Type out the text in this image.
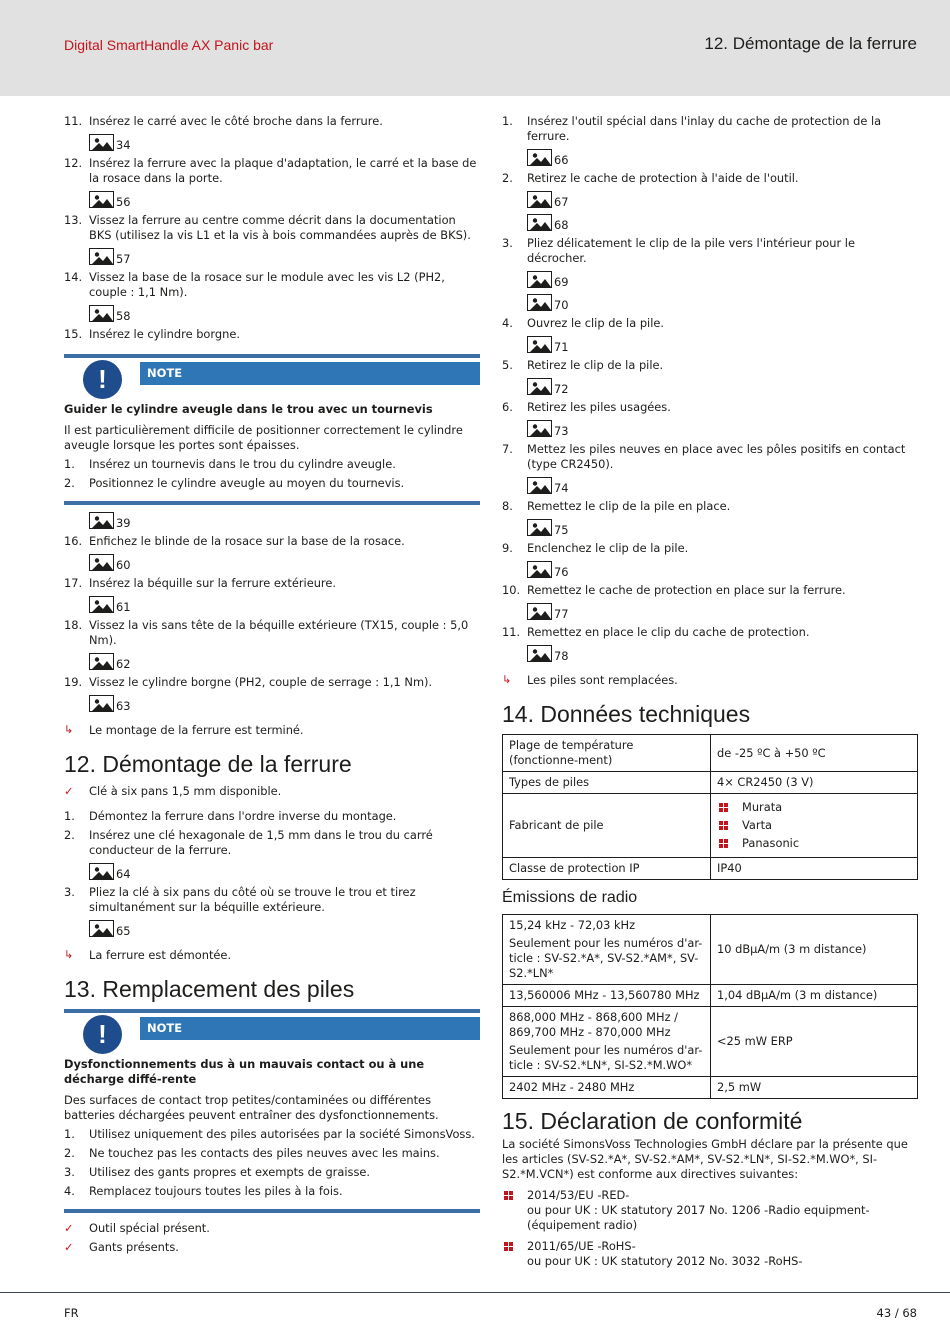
Digital SmartHandle AX Panic bar	12. Démontage de la ferrure
11. Insérez le carré avec le côté broche dans la ferrure.
34
12. Insérez la ferrure avec la plaque d'adaptation, le carré et la base de la rosace dans la porte.
56
13. Vissez la ferrure au centre comme décrit dans la documentation BKS (utilisez la vis L1 et la vis à bois commandées auprès de BKS).
57
14. Vissez la base de la rosace sur le module avec les vis L2 (PH2, couple : 1,1 Nm).
58
15. Insérez le cylindre borgne.
!	NOTE
Guider le cylindre aveugle dans le trou avec un tournevis
Il est particulièrement difficile de positionner correctement le cylindre aveugle lorsque les portes sont épaisses.
1. Insérez un tournevis dans le trou du cylindre aveugle.
2. Positionnez le cylindre aveugle au moyen du tournevis.
39
16. Enfichez le blinde de la rosace sur la base de la rosace.
60
17. Insérez la béquille sur la ferrure extérieure.
61
18. Vissez la vis sans tête de la béquille extérieure (TX15, couple : 5,0 Nm).
62
19. Vissez le cylindre borgne (PH2, couple de serrage : 1,1 Nm).
63
↳ Le montage de la ferrure est terminé.
12. Démontage de la ferrure
✓ Clé à six pans 1,5 mm disponible.
1. Démontez la ferrure dans l'ordre inverse du montage.
2. Insérez une clé hexagonale de 1,5 mm dans le trou du carré conducteur de la ferrure.
64
3. Pliez la clé à six pans du côté où se trouve le trou et tirez simultanément sur la béquille extérieure.
65
↳ La ferrure est démontée.
13. Remplacement des piles
!	NOTE
Dysfonctionnements dus à un mauvais contact ou à une décharge diffé-rente
Des surfaces de contact trop petites/contaminées ou différentes batteries déchargées peuvent entraîner des dysfonctionnements.
1. Utilisez uniquement des piles autorisées par la société SimonsVoss.
2. Ne touchez pas les contacts des piles neuves avec les mains.
3. Utilisez des gants propres et exempts de graisse.
4. Remplacez toujours toutes les piles à la fois.
✓ Outil spécial présent.
✓ Gants présents.
1. Insérez l'outil spécial dans l'inlay du cache de protection de la ferrure.
66
2. Retirez le cache de protection à l'aide de l'outil.
67
68
3. Pliez délicatement le clip de la pile vers l'intérieur pour le décrocher.
69
70
4. Ouvrez le clip de la pile.
71
5. Retirez le clip de la pile.
72
6. Retirez les piles usagées.
73
7. Mettez les piles neuves en place avec les pôles positifs en contact (type CR2450).
74
8. Remettez le clip de la pile en place.
75
9. Enclenchez le clip de la pile.
76
10. Remettez le cache de protection en place sur la ferrure.
77
11. Remettez en place le clip du cache de protection.
78
↳ Les piles sont remplacées.
14. Données techniques
Plage de température (fonctionne-ment)	de -25 ºC à +50 ºC
Types de piles	4× CR2450 (3 V)
Fabricant de pile	Murata
Varta
Panasonic

Classe de protection IP	IP40
Émissions de radio
15,24 kHz - 72,03 kHz
Seulement pour les numéros d'ar-ticle : SV-S2.*A*, SV-S2.*AM*, SV-S2.*LN*	10 dBµA/m (3 m distance)
13,560006 MHz - 13,560780 MHz	1,04 dBµA/m (3 m distance)

868,000 MHz - 868,600 MHz / 869,700 MHz - 870,000 MHz
Seulement pour les numéros d'ar-ticle : SV-S2.*LN*, SI-S2.*M.WO*	<25 mW ERP
2402 MHz - 2480 MHz	2,5 mW
15. Déclaration de conformité
La société SimonsVoss Technologies GmbH déclare par la présente que les articles (SV-S2.*A*, SV-S2.*AM*, SV-S2.*LN*, SI-S2.*M.WO*, SI-S2.*M.VCN*) est conforme aux directives suivantes:
2014/53/EU -RED-
ou pour UK : UK statutory 2017 No. 1206 -Radio equipment-(équipement radio)
2011/65/UE -RoHS-
ou pour UK : UK statutory 2012 No. 3032 -RoHS-
FR	43 / 68
